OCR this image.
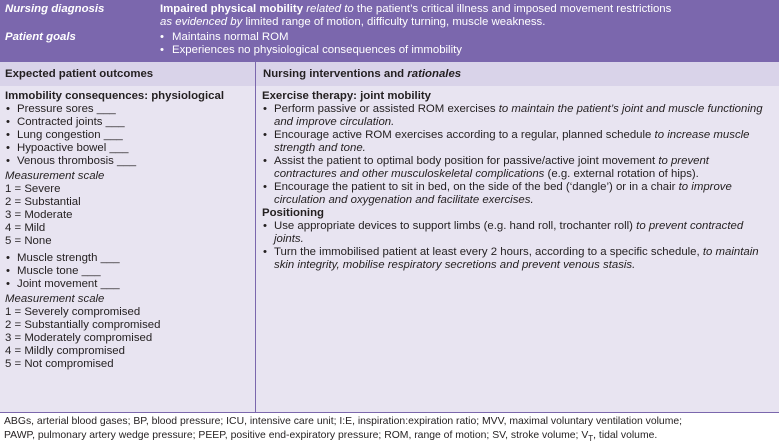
Nursing diagnosis	Impaired physical mobility related to the patient’s critical illness and imposed movement restrictions
as evidenced by limited range of motion, difficulty turning, muscle weakness.
Patient goals
•	Maintains normal ROM
• Experiences no physiological consequences of immobility
Expected patient outcomes	Nursing interventions and rationales
Immobility consequences: physiological
• Pressure sores ___
• Contracted joints ___
• Lung congestion ___
• Hypoactive bowel ___
• Venous thrombosis ___
Measurement scale
1 = Severe
2 = Substantial
3 = Moderate
4 = Mild
5 = None
• Muscle strength ___
• Muscle tone ___
• Joint movement ___
Measurement scale
1 = Severely compromised
2 = Substantially compromised
3 = Moderately compromised
4 = Mildly compromised
5 = Not compromised
Exercise therapy: joint mobility
• Perform passive or assisted ROM exercises to maintain the patient’s joint and muscle functioning and improve circulation.
• Encourage active ROM exercises according to a regular, planned schedule to increase muscle strength and tone.
• Assist the patient to optimal body position for passive/active joint movement to prevent contractures and other musculoskeletal complications (e.g. external rotation of hips).
• Encourage the patient to sit in bed, on the side of the bed (‘dangle’) or in a chair to improve circulation and oxygenation and facilitate exercises.
Positioning
• Use appropriate devices to support limbs (e.g. hand roll, trochanter roll) to prevent contracted joints.
• Turn the immobilised patient at least every 2 hours, according to a specific schedule, to maintain skin integrity, mobilise respiratory secretions and prevent venous stasis.
ABGs, arterial blood gases; BP, blood pressure; ICU, intensive care unit; I:E, inspiration:expiration ratio; MVV, maximal voluntary ventilation volume;
PAWP, pulmonary artery wedge pressure; PEEP, positive end-expiratory pressure; ROM, range of motion; SV, stroke volume; $V_T$, tidal volume.
